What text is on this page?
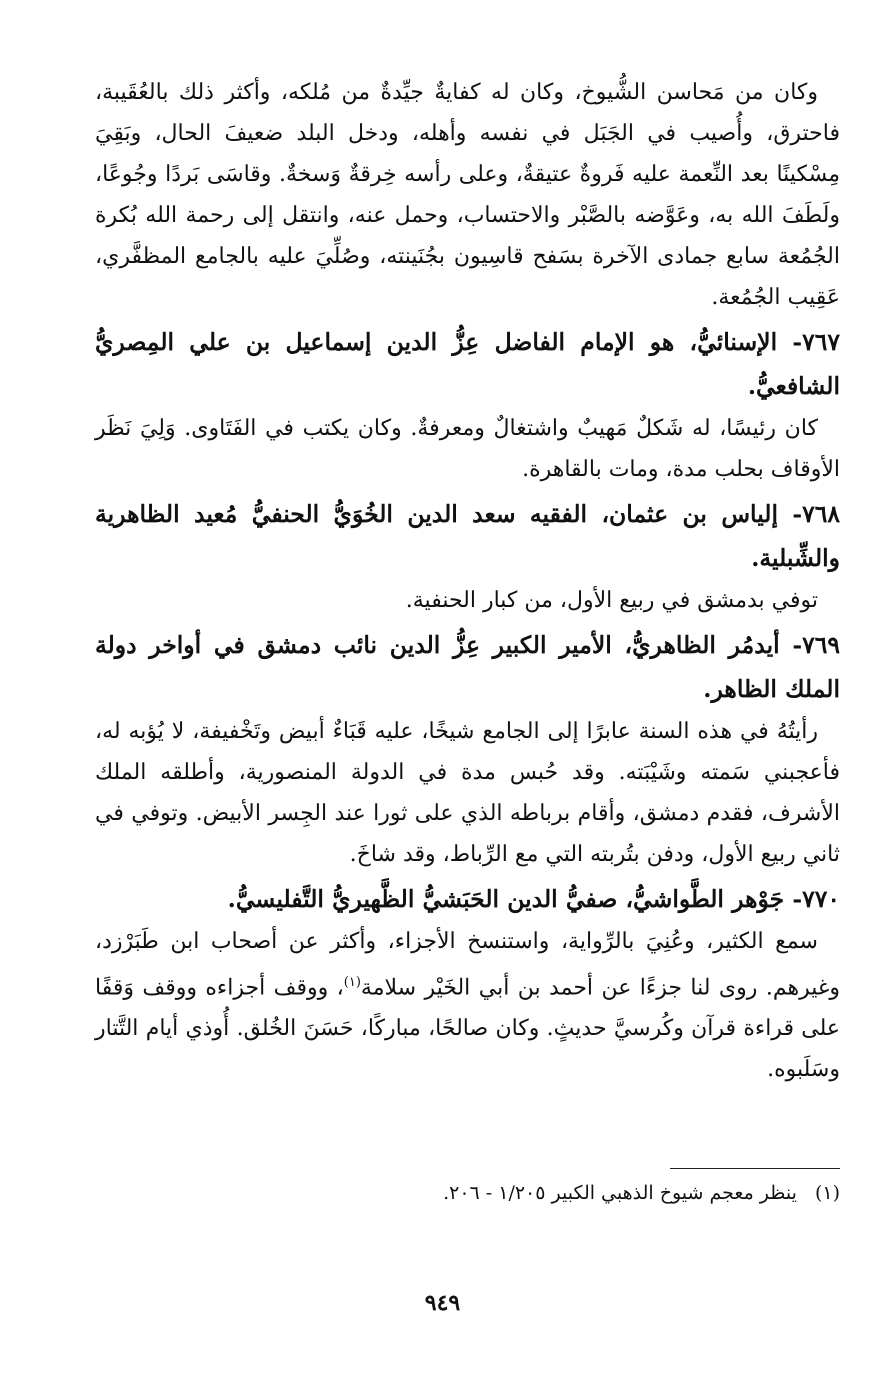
وكان من مَحاسن الشُّيوخ، وكان له كفايةٌ جيِّدةٌ من مُلكه، وأكثر ذلك بالعُقَيبة، فاحترق، وأُصيب في الجَبَل في نفسه وأهله، ودخل البلد ضعيفَ الحال، وبَقِيَ مِسْكينًا بعد النِّعمة عليه فَروةٌ عتيقةٌ، وعلى رأسه خِرقةٌ وَسخةٌ. وقاسَى بَردًا وجُوعًا، ولَطَفَ الله به، وعَوَّضه بالصَّبْر والاحتساب، وحمل عنه، وانتقل إلى رحمة الله بُكرة الجُمُعة سابع جمادى الآخرة بسَفح قاسِيون بجُنَينته، وصُلِّيَ عليه بالجامع المظفَّري، عَقِيب الجُمُعة.

٧٦٧- الإسنائيُّ، هو الإمام الفاضل عِزُّ الدين إسماعيل بن علي المِصريُّ الشافعيُّ.

كان رئيسًا، له شَكلٌ مَهيبٌ واشتغالٌ ومعرفةٌ. وكان يكتب في الفَتَاوى. وَلِيَ نَظَر الأوقاف بحلب مدة، ومات بالقاهرة.

٧٦٨- إلياس بن عثمان، الفقيه سعد الدين الخُوَيُّ الحنفيُّ مُعيد الظاهرية والشِّبلية.

توفي بدمشق في ربيع الأول، من كبار الحنفية.

٧٦٩- أيدمُر الظاهريُّ، الأمير الكبير عِزُّ الدين نائب دمشق في أواخر دولة الملك الظاهر.

رأيتُهُ في هذه السنة عابرًا إلى الجامع شيخًا، عليه قَبَاءٌ أبيض وتَخْفيفة، لا يُؤبه له، فأعجبني سَمته وشَيْبَته. وقد حُبس مدة في الدولة المنصورية، وأطلقه الملك الأشرف، فقدم دمشق، وأقام برباطه الذي على ثورا عند الجِسر الأبيض. وتوفي في ثاني ربيع الأول، ودفن بتُربته التي مع الرِّباط، وقد شاخَ.

٧٧٠- جَوْهر الطَّواشيُّ، صفيُّ الدين الحَبَشيُّ الظَّهيريُّ التَّفليسيُّ.

سمع الكثير، وعُنِيَ بالرِّواية، واستنسخ الأجزاء، وأكثر عن أصحاب ابن طَبَرْزد، وغيرهم. روى لنا جزءًا عن أحمد بن أبي الخَيْر سلامة$^{(١)}$، ووقف أجزاءه ووقف وَقفًا على قراءة قرآن وكُرسيَّ حديثٍ. وكان صالحًا، مباركًا، حَسَنَ الخُلق. أُوذي أيام التَّتار وسَلَبوه.

(١) ينظر معجم شيوخ الذهبي الكبير ١/٢٠٥ - ٢٠٦.
٩٤٩
